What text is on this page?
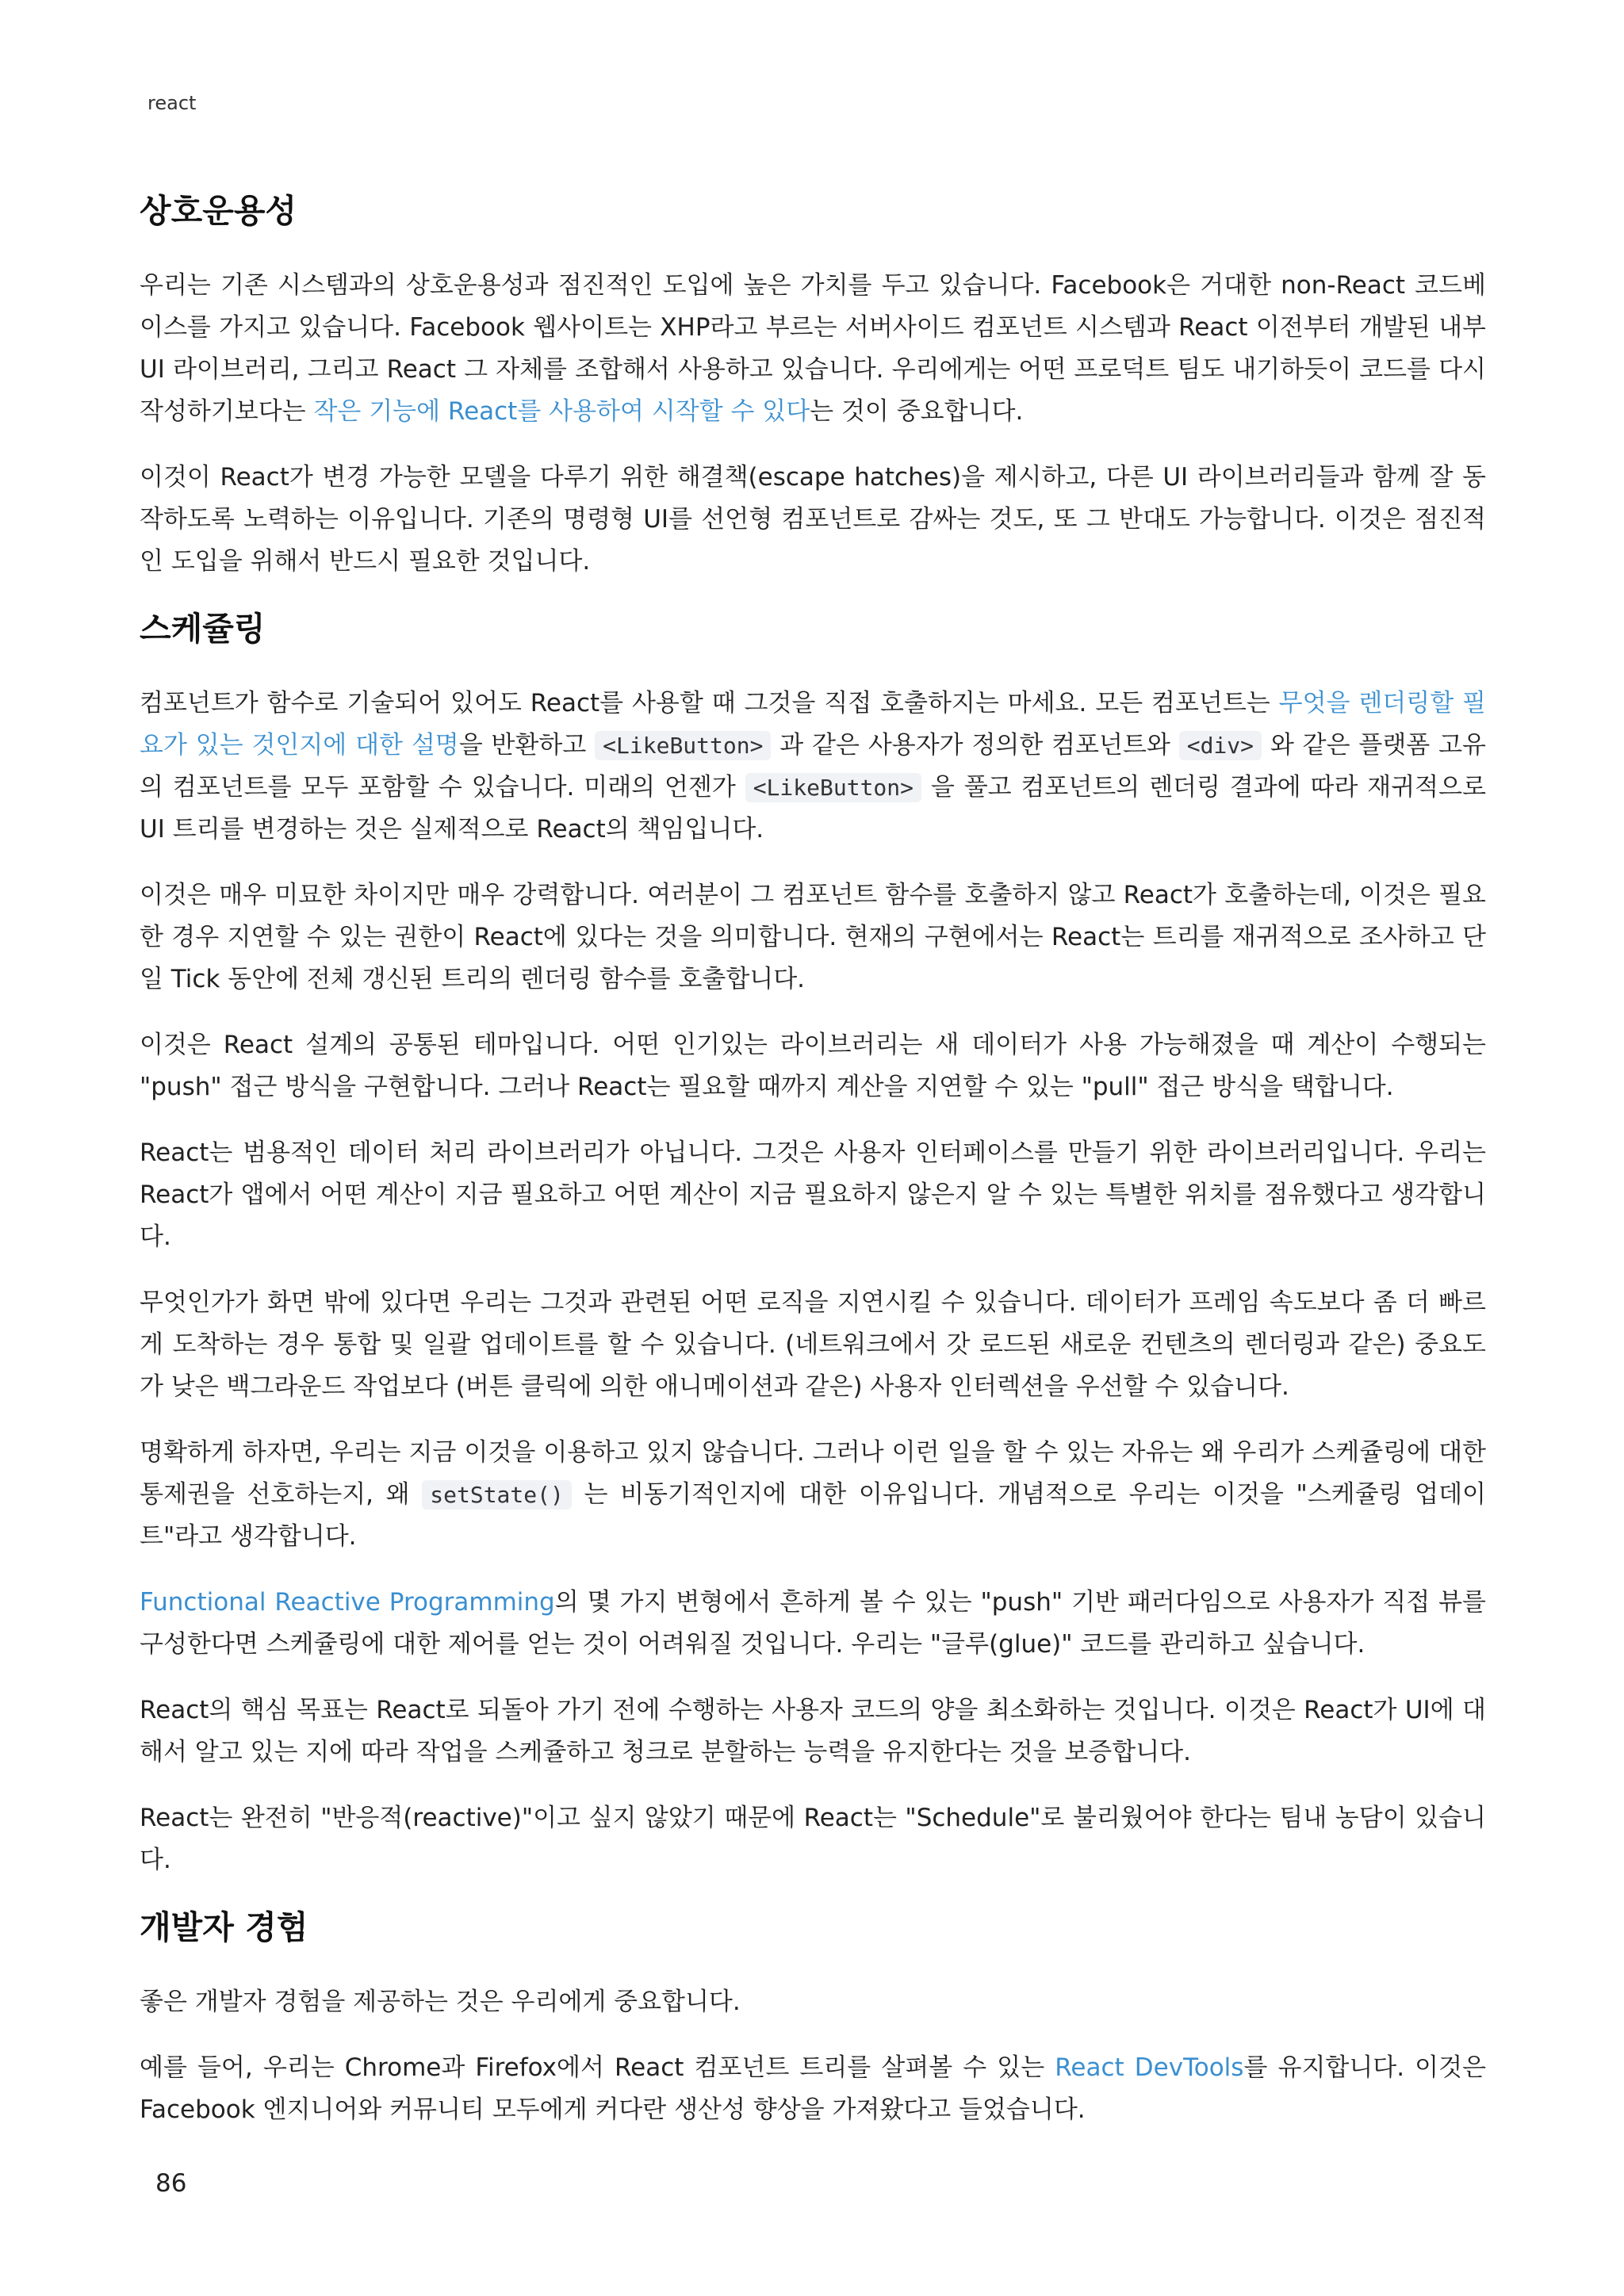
react
상호운용성

우리는 기존 시스템과의 상호운용성과 점진적인 도입에 높은 가치를 두고 있습니다. Facebook은 거대한 non-React 코드베이스를 가지고 있습니다. Facebook 웹사이트는 XHP라고 부르는 서버사이드 컴포넌트 시스템과 React 이전부터 개발된 내부 UI 라이브러리, 그리고 React 그 자체를 조합해서 사용하고 있습니다. 우리에게는 어떤 프로덕트 팀도 내기하듯이 코드를 다시 작성하기보다는 작은 기능에 React를 사용하여 시작할 수 있다는 것이 중요합니다.

이것이 React가 변경 가능한 모델을 다루기 위한 해결책(escape hatches)을 제시하고, 다른 UI 라이브러리들과 함께 잘 동작하도록 노력하는 이유입니다. 기존의 명령형 UI를 선언형 컴포넌트로 감싸는 것도, 또 그 반대도 가능합니다. 이것은 점진적인 도입을 위해서 반드시 필요한 것입니다.

스케쥴링

컴포넌트가 함수로 기술되어 있어도 React를 사용할 때 그것을 직접 호출하지는 마세요. 모든 컴포넌트는 무엇을 렌더링할 필요가 있는 것인지에 대한 설명을 반환하고 <LikeButton> 과 같은 사용자가 정의한 컴포넌트와 <div> 와 같은 플랫폼 고유의 컴포넌트를 모두 포함할 수 있습니다. 미래의 언젠가 <LikeButton> 을 풀고 컴포넌트의 렌더링 결과에 따라 재귀적으로 UI 트리를 변경하는 것은 실제적으로 React의 책임입니다.

이것은 매우 미묘한 차이지만 매우 강력합니다. 여러분이 그 컴포넌트 함수를 호출하지 않고 React가 호출하는데, 이것은 필요한 경우 지연할 수 있는 권한이 React에 있다는 것을 의미합니다. 현재의 구현에서는 React는 트리를 재귀적으로 조사하고 단일 Tick 동안에 전체 갱신된 트리의 렌더링 함수를 호출합니다.

이것은 React 설계의 공통된 테마입니다. 어떤 인기있는 라이브러리는 새 데이터가 사용 가능해졌을 때 계산이 수행되는 "push" 접근 방식을 구현합니다. 그러나 React는 필요할 때까지 계산을 지연할 수 있는 "pull" 접근 방식을 택합니다.

React는 범용적인 데이터 처리 라이브러리가 아닙니다. 그것은 사용자 인터페이스를 만들기 위한 라이브러리입니다. 우리는 React가 앱에서 어떤 계산이 지금 필요하고 어떤 계산이 지금 필요하지 않은지 알 수 있는 특별한 위치를 점유했다고 생각합니다.

무엇인가가 화면 밖에 있다면 우리는 그것과 관련된 어떤 로직을 지연시킬 수 있습니다. 데이터가 프레임 속도보다 좀 더 빠르게 도착하는 경우 통합 및 일괄 업데이트를 할 수 있습니다. (네트워크에서 갓 로드된 새로운 컨텐츠의 렌더링과 같은) 중요도가 낮은 백그라운드 작업보다 (버튼 클릭에 의한 애니메이션과 같은) 사용자 인터렉션을 우선할 수 있습니다.

명확하게 하자면, 우리는 지금 이것을 이용하고 있지 않습니다. 그러나 이런 일을 할 수 있는 자유는 왜 우리가 스케쥴링에 대한 통제권을 선호하는지, 왜 setState() 는 비동기적인지에 대한 이유입니다. 개념적으로 우리는 이것을 "스케쥴링 업데이트"라고 생각합니다.

Functional Reactive Programming의 몇 가지 변형에서 흔하게 볼 수 있는 "push" 기반 패러다임으로 사용자가 직접 뷰를 구성한다면 스케쥴링에 대한 제어를 얻는 것이 어려워질 것입니다. 우리는 "글루(glue)" 코드를 관리하고 싶습니다.

React의 핵심 목표는 React로 되돌아 가기 전에 수행하는 사용자 코드의 양을 최소화하는 것입니다. 이것은 React가 UI에 대해서 알고 있는 지에 따라 작업을 스케쥴하고 청크로 분할하는 능력을 유지한다는 것을 보증합니다.

React는 완전히 "반응적(reactive)"이고 싶지 않았기 때문에 React는 "Schedule"로 불리웠어야 한다는 팀내 농담이 있습니다.

개발자 경험

좋은 개발자 경험을 제공하는 것은 우리에게 중요합니다.

예를 들어, 우리는 Chrome과 Firefox에서 React 컴포넌트 트리를 살펴볼 수 있는 React DevTools를 유지합니다. 이것은 Facebook 엔지니어와 커뮤니티 모두에게 커다란 생산성 향상을 가져왔다고 들었습니다.

86
